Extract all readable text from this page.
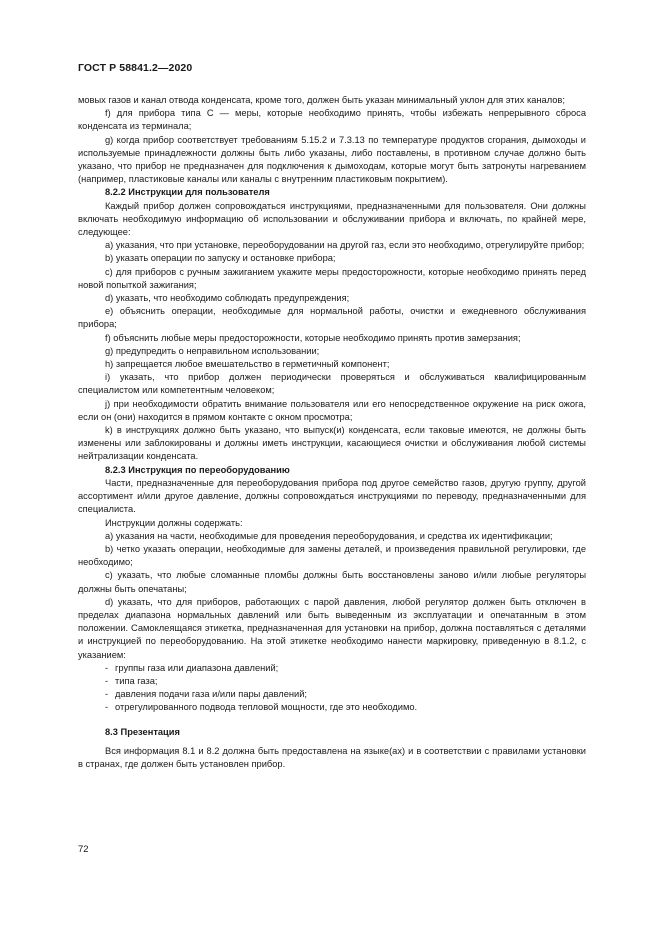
ГОСТ Р 58841.2—2020

мовых газов и канал отвода конденсата, кроме того, должен быть указан минимальный уклон для этих каналов;

f) для прибора типа С — меры, которые необходимо принять, чтобы избежать непрерывного сброса конденсата из терминала;

g) когда прибор соответствует требованиям 5.15.2 и 7.3.13 по температуре продуктов сгорания, дымоходы и используемые принадлежности должны быть либо указаны, либо поставлены, в противном случае должно быть указано, что прибор не предназначен для подключения к дымоходам, которые могут быть затронуты нагреванием (например, пластиковые каналы или каналы с внутренним пластиковым покрытием).

8.2.2 Инструкции для пользователя

Каждый прибор должен сопровождаться инструкциями, предназначенными для пользователя. Они должны включать необходимую информацию об использовании и обслуживании прибора и включать, по крайней мере, следующее:

a) указания, что при установке, переоборудовании на другой газ, если это необходимо, отрегулируйте прибор;

b) указать операции по запуску и остановке прибора;

c) для приборов с ручным зажиганием укажите меры предосторожности, которые необходимо принять перед новой попыткой зажигания;

d) указать, что необходимо соблюдать предупреждения;

e) объяснить операции, необходимые для нормальной работы, очистки и ежедневного обслуживания прибора;

f) объяснить любые меры предосторожности, которые необходимо принять против замерзания;

g) предупредить о неправильном использовании;

h) запрещается любое вмешательство в герметичный компонент;

i) указать, что прибор должен периодически проверяться и обслуживаться квалифицированным специалистом или компетентным человеком;

j) при необходимости обратить внимание пользователя или его непосредственное окружение на риск ожога, если он (они) находится в прямом контакте с окном просмотра;

k) в инструкциях должно быть указано, что выпуск(и) конденсата, если таковые имеются, не должны быть изменены или заблокированы и должны иметь инструкции, касающиеся очистки и обслуживания любой системы нейтрализации конденсата.

8.2.3 Инструкция по переоборудованию

Части, предназначенные для переоборудования прибора под другое семейство газов, другую группу, другой ассортимент и/или другое давление, должны сопровождаться инструкциями по переводу, предназначенными для специалиста.

Инструкции должны содержать:

a) указания на части, необходимые для проведения переоборудования, и средства их идентификации;

b) четко указать операции, необходимые для замены деталей, и произведения правильной регулировки, где необходимо;

c) указать, что любые сломанные пломбы должны быть восстановлены заново и/или любые регуляторы должны быть опечатаны;

d) указать, что для приборов, работающих с парой давления, любой регулятор должен быть отключен в пределах диапазона нормальных давлений или быть выведенным из эксплуатации и опечатанным в этом положении. Самоклеящаяся этикетка, предназначенная для установки на прибор, должна поставляться с деталями и инструкцией по переоборудованию. На этой этикетке необходимо нанести маркировку, приведенную в 8.1.2, с указанием:

- группы газа или диапазона давлений;

- типа газа;

- давления подачи газа и/или пары давлений;

- отрегулированного подвода тепловой мощности, где это необходимо.

8.3 Презентация

Вся информация 8.1 и 8.2 должна быть предоставлена на языке(ах) и в соответствии с правилами установки в странах, где должен быть установлен прибор.

72
